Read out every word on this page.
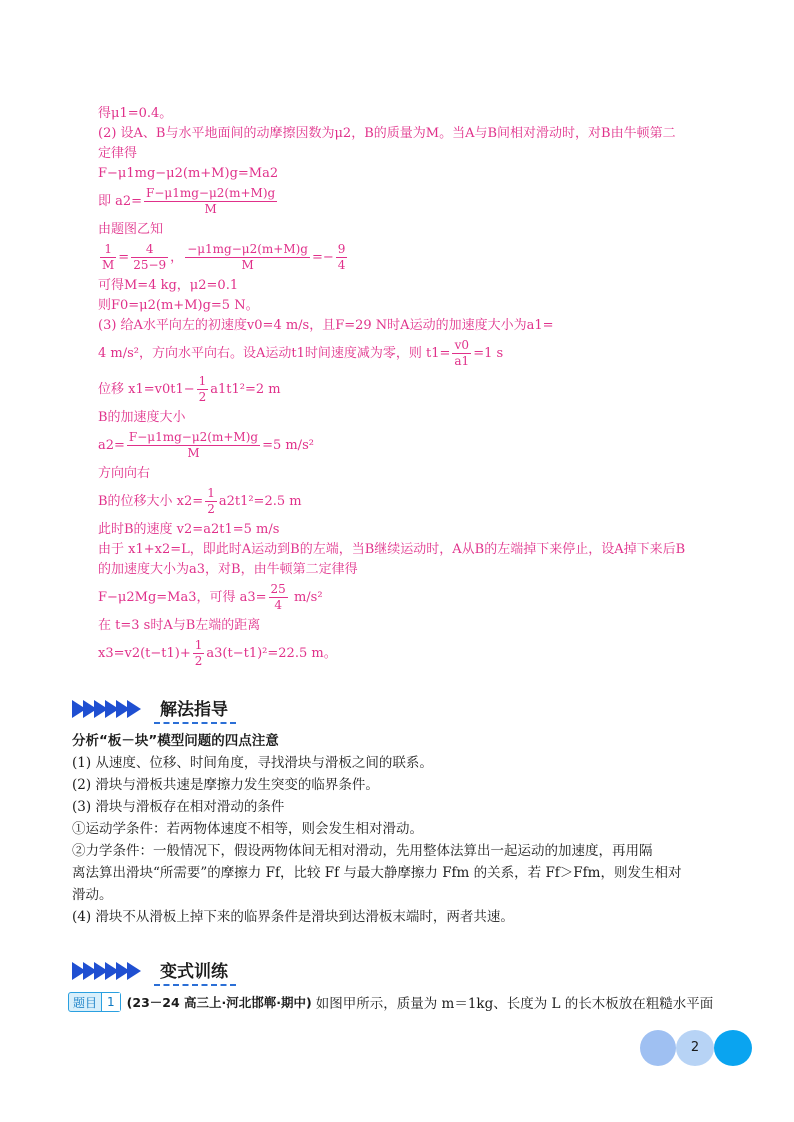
得μ1=0.4。
(2) 设A、B与水平地面间的动摩擦因数为μ2，B的质量为M。当A与B间相对滑动时，对B由牛顿第二
定律得
F−μ1mg−μ2(m+M)g=Ma2
即 $a2= \frac{F-\mu 1mg-\mu 2(m+M)g}{M}$
由题图乙知
$\frac{1}{M} = \frac{4}{25-9}$ ， $\frac{-\mu 1mg-\mu 2(m+M)g}{M} =- \frac{9}{4}$
可得M=4 kg，μ2=0.1
则F0=μ2(m+M)g=5 N。
(3) 给A水平向左的初速度v0=4 m/s，且F=29 N时A运动的加速度大小为a1=
4 m/s²，方向水平向右。设A运动t1时间速度减为零，则 $t1= \frac{v0}{a1} =1$ s
位移 $x1=v0t1- \frac{1}{2} a1t1^2=2$ m
B的加速度大小
$a2= \frac{F-\mu 1mg-\mu 2(m+M)g}{M} =5$ m/s²
方向向右
B的位移大小 $x2= \frac{1}{2} a2t1^2=2.5$ m
此时B的速度 v2=a2t1=5 m/s
由于 x1+x2=L，即此时A运动到B的左端，当B继续运动时，A从B的左端掉下来停止，设A掉下来后B
的加速度大小为a3，对B，由牛顿第二定律得
F−μ2Mg=Ma3，可得 $a3= \frac{25}{4} m/s^2$
在 t=3 s时A与B左端的距离
$x3=v2(t-t1)+ \frac{1}{2} a3(t-t1)^2=22.5$ m。
解法指导
分析“板－块”模型问题的四点注意
(1) 从速度、位移、时间角度，寻找滑块与滑板之间的联系。
(2) 滑块与滑板共速是摩擦力发生突变的临界条件。
(3) 滑块与滑板存在相对滑动的条件
①运动学条件：若两物体速度不相等，则会发生相对滑动。
②力学条件：一般情况下，假设两物体间无相对滑动，先用整体法算出一起运动的加速度，再用隔
离法算出滑块“所需要”的摩擦力 Ff，比较 Ff 与最大静摩擦力 Ffm 的关系，若 Ff＞Ffm，则发生相对
滑动。
(4) 滑块不从滑板上掉下来的临界条件是滑块到达滑板末端时，两者共速。
变式训练
题目 1 (23－24 高三上·河北邯郸·期中) 如图甲所示，质量为 m＝1kg、长度为 L 的长木板放在粗糙水平面
2
